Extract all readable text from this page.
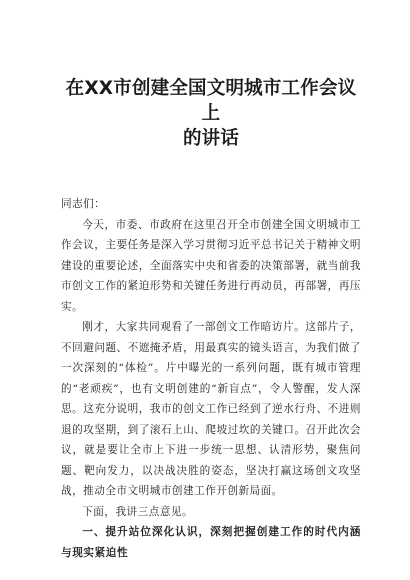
在XX市创建全国文明城市工作会议上
的讲话

同志们：

今天，市委、市政府在这里召开全市创建全国文明城市工作会议，主要任务是深入学习贯彻习近平总书记关于精神文明建设的重要论述，全面落实中央和省委的决策部署，就当前我市创文工作的紧迫形势和关键任务进行再动员，再部署，再压实。

刚才，大家共同观看了一部创文工作暗访片。这部片子，不回避问题、不遮掩矛盾，用最真实的镜头语言，为我们做了一次深刻的“体检”。片中曝光的一系列问题，既有城市管理的“老顽疾”，也有文明创建的“新盲点”，令人警醒，发人深思。这充分说明，我市的创文工作已经到了逆水行舟、不进则退的攻坚期，到了滚石上山、爬坡过坎的关键口。召开此次会议，就是要让全市上下进一步统一思想、认清形势，聚焦问题、靶向发力，以决战决胜的姿态，坚决打赢这场创文攻坚战，推动全市文明城市创建工作开创新局面。

下面，我讲三点意见。

一、提升站位深化认识，深刻把握创建工作的时代内涵与现实紧迫性
